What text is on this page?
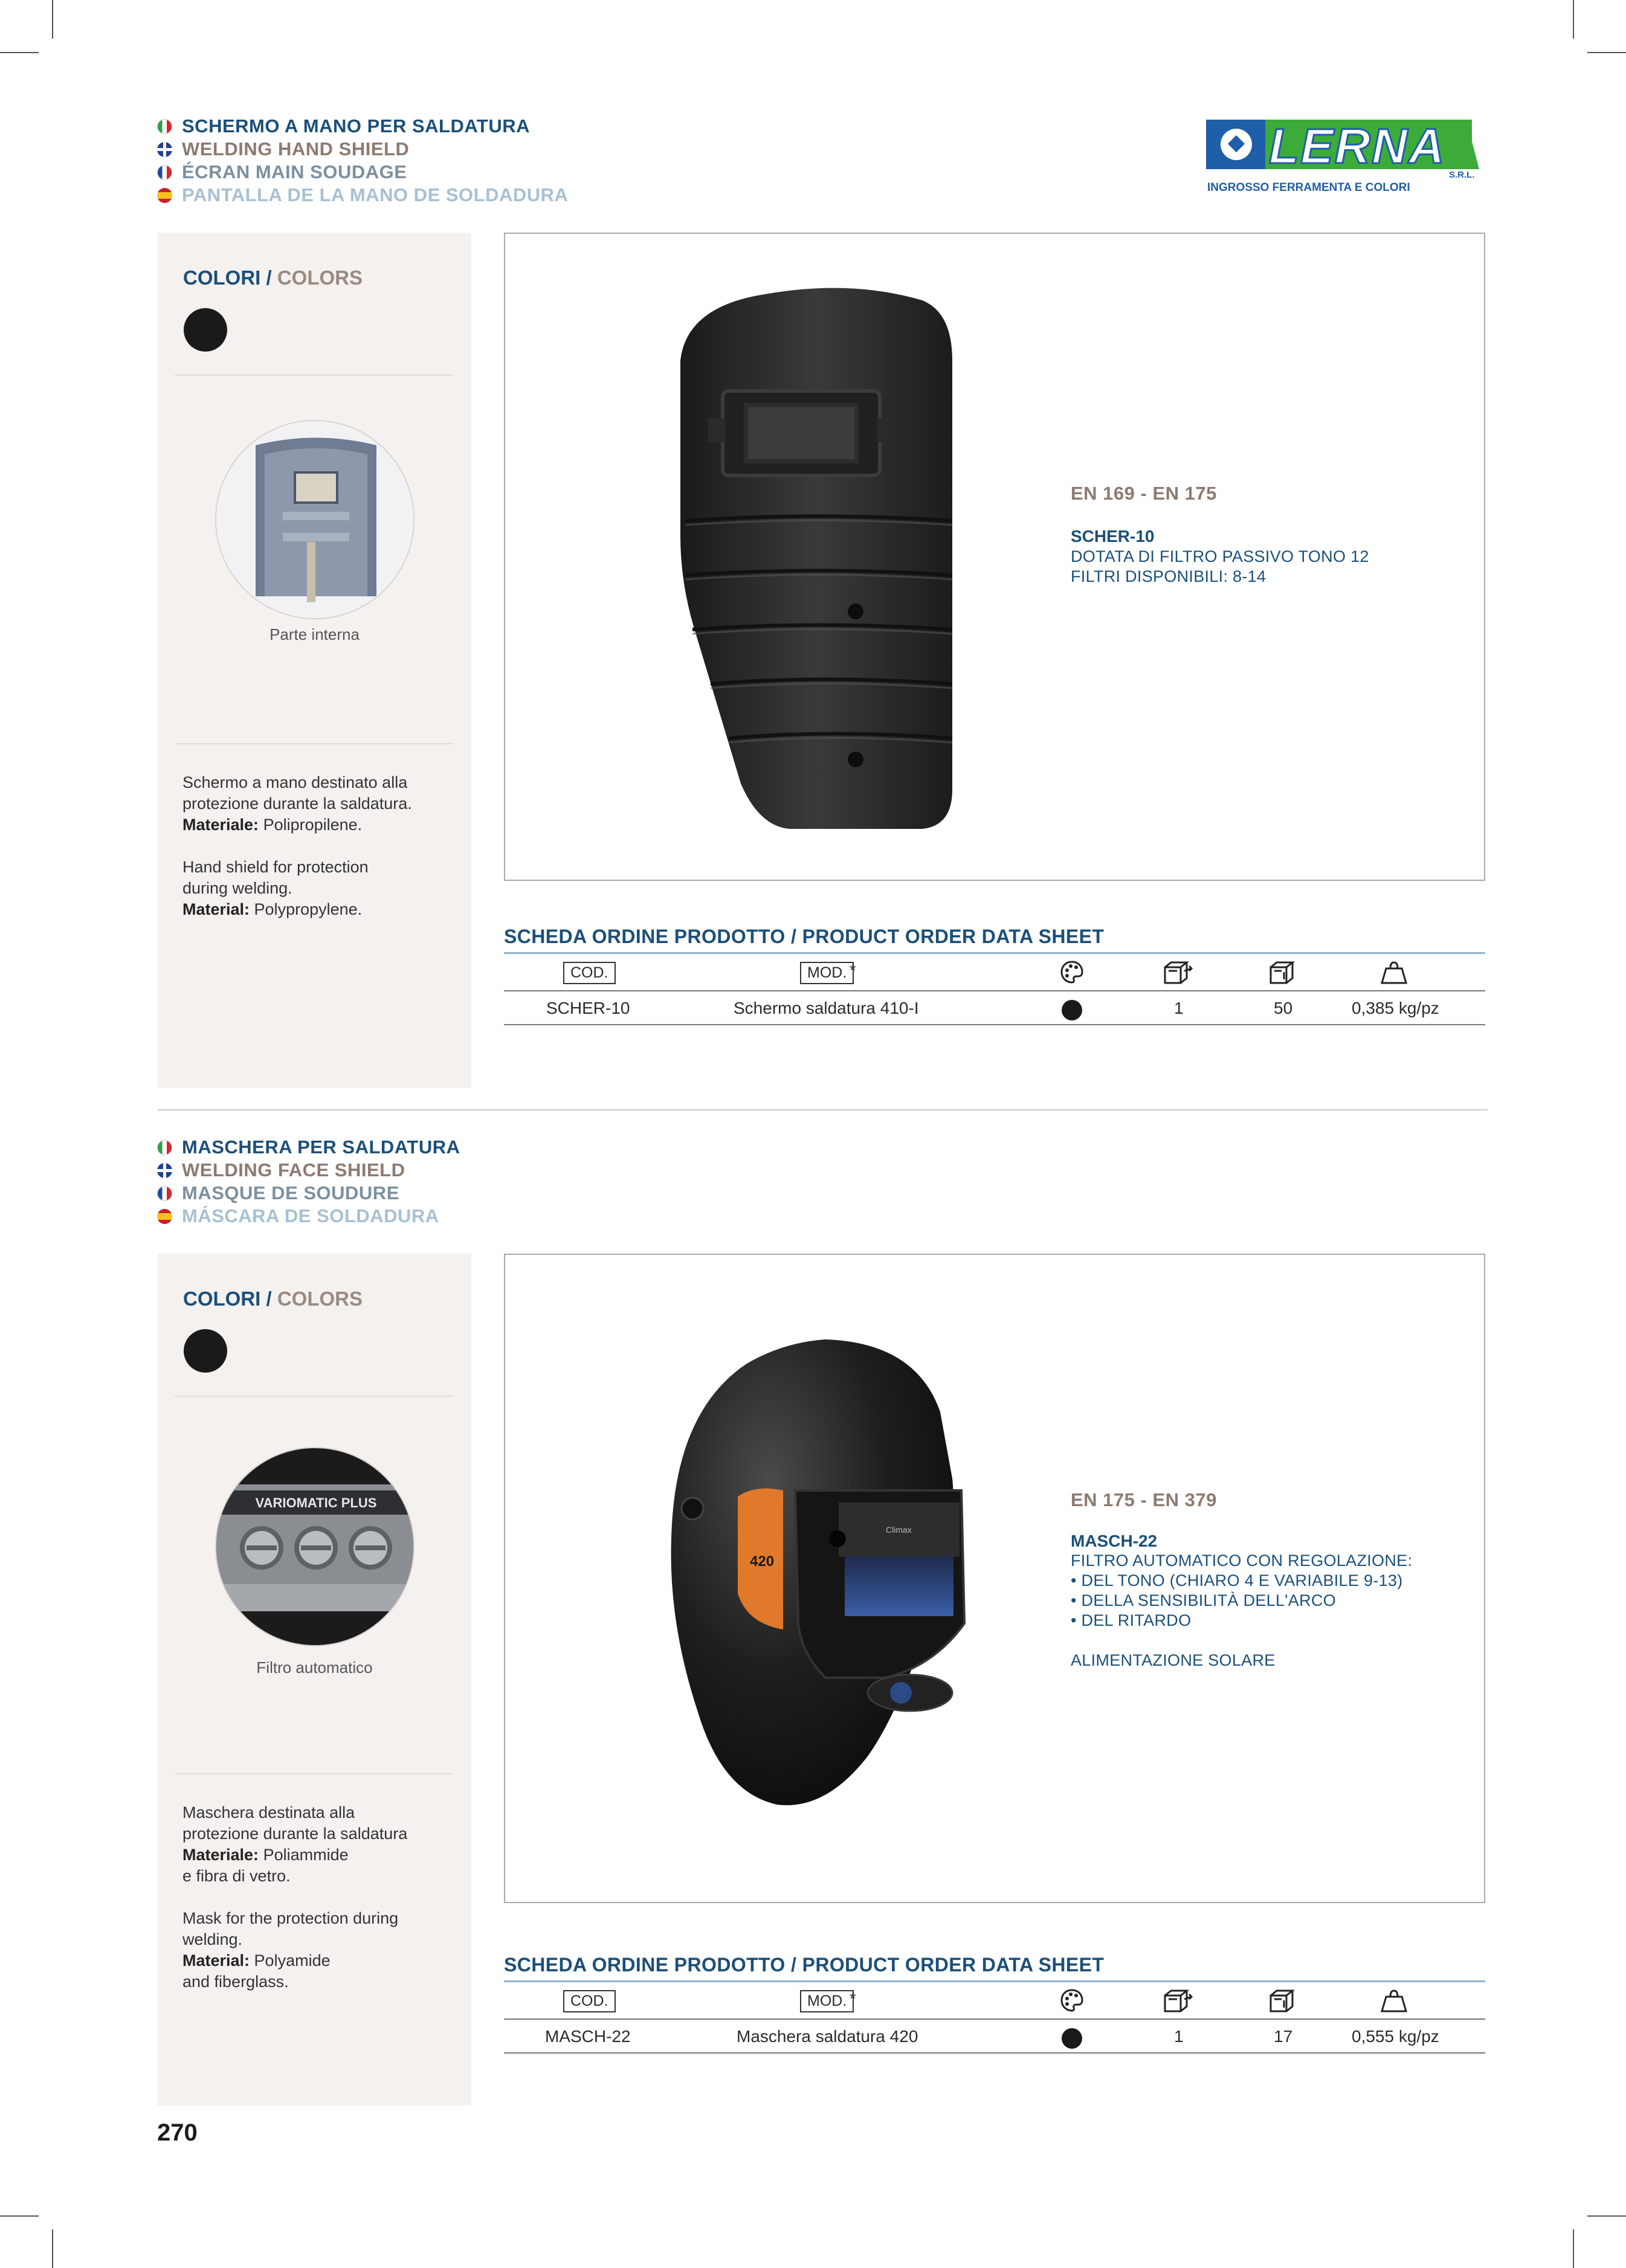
LERNA
S.R.L.
INGROSSO FERRAMENTA E COLORI
SCHERMO A MANO PER SALDATURA
WELDING HAND SHIELD
ÉCRAN MAIN SOUDAGE
PANTALLA DE LA MANO DE SOLDADURA
COLORI / COLORS
Parte interna
Schermo a mano destinato alla
protezione durante la saldatura.
Materiale: Polipropilene.
Hand shield for protection
during welding.
Material: Polypropylene.
EN 169 - EN 175
SCHER-10
DOTATA DI FILTRO PASSIVO TONO 12
FILTRI DISPONIBILI: 8-14
SCHEDA ORDINE PRODOTTO / PRODUCT ORDER DATA SHEET
COD.	MOD. *
SCHER-10	Schermo saldatura 410-I	1	50	0,385 kg/pz
MASCHERA PER SALDATURA
WELDING FACE SHIELD
MASQUE DE SOUDURE
MÁSCARA DE SOLDADURA
COLORI / COLORS
VARIOMATIC PLUS
Filtro automatico
Maschera destinata alla
protezione durante la saldatura
Materiale: Poliammide
e fibra di vetro.
Mask for the protection during
welding.
Material: Polyamide
and fiberglass.
Climax
420
EN 175 - EN 379
MASCH-22
FILTRO AUTOMATICO CON REGOLAZIONE:
• DEL TONO (CHIARO 4 E VARIABILE 9-13)
• DELLA SENSIBILITÀ DELL'ARCO
• DEL RITARDO
ALIMENTAZIONE SOLARE
SCHEDA ORDINE PRODOTTO / PRODUCT ORDER DATA SHEET
COD.	MOD. *
MASCH-22	Maschera saldatura 420	1	17	0,555 kg/pz
270
